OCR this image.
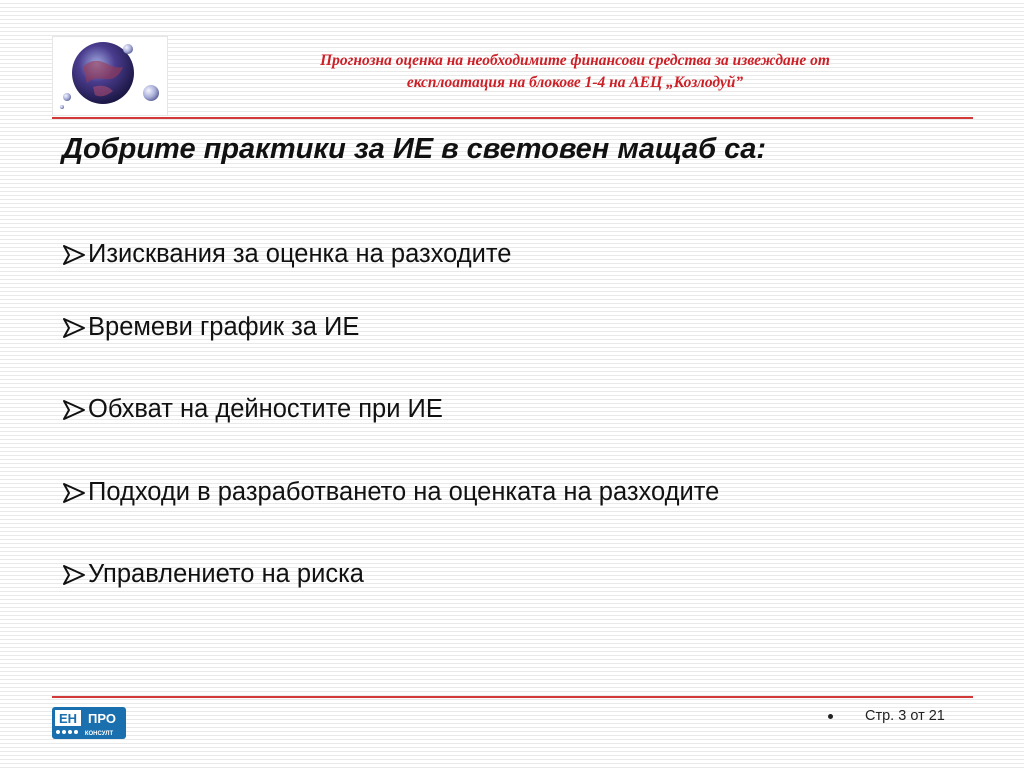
Прогнозна оценка на необходимите финансови средства за извеждане от
експлоатация на блокове 1-4 на АЕЦ „Козлодуй”
Добрите практики за ИЕ в световен мащаб са:
Изисквания за оценка на разходите
Времеви график за ИЕ
Обхват на дейностите при ИЕ
Подходи в разработването на оценката на разходите
Управлението на риска
ЕН ПРО
КОНСУЛТ
Стр. 3 от 21
